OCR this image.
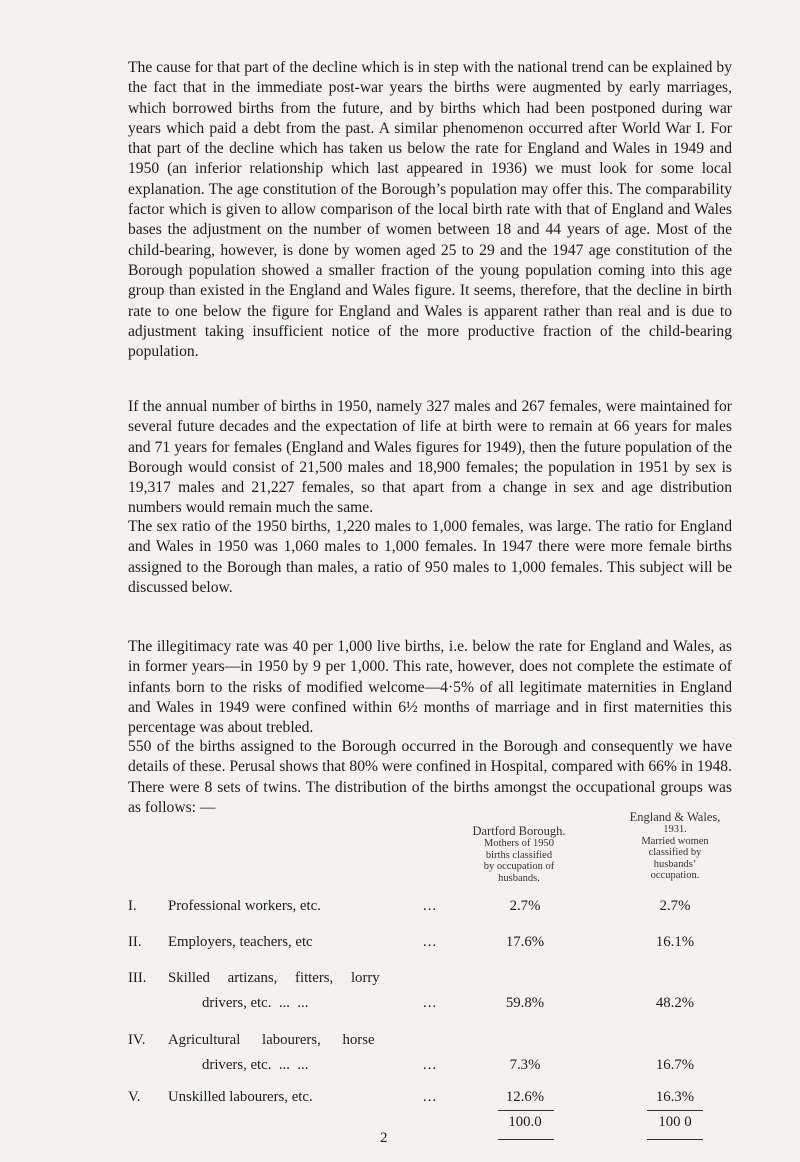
The cause for that part of the decline which is in step with the national trend can be explained by the fact that in the immediate post-war years the births were augmented by early marriages, which borrowed births from the future, and by births which had been postponed during war years which paid a debt from the past. A similar phenomenon occurred after World War I. For that part of the decline which has taken us below the rate for England and Wales in 1949 and 1950 (an inferior relationship which last appeared in 1936) we must look for some local explanation. The age constitution of the Borough’s population may offer this. The comparability factor which is given to allow comparison of the local birth rate with that of England and Wales bases the adjustment on the number of women between 18 and 44 years of age. Most of the child-bearing, however, is done by women aged 25 to 29 and the 1947 age constitution of the Borough population showed a smaller fraction of the young population coming into this age group than existed in the England and Wales figure. It seems, therefore, that the decline in birth rate to one below the figure for England and Wales is apparent rather than real and is due to adjustment taking insufficient notice of the more productive fraction of the child-bearing population.

If the annual number of births in 1950, namely 327 males and 267 females, were maintained for several future decades and the expectation of life at birth were to remain at 66 years for males and 71 years for females (England and Wales figures for 1949), then the future population of the Borough would consist of 21,500 males and 18,900 females; the population in 1951 by sex is 19,317 males and 21,227 females, so that apart from a change in sex and age distribution numbers would remain much the same.

The sex ratio of the 1950 births, 1,220 males to 1,000 females, was large. The ratio for England and Wales in 1950 was 1,060 males to 1,000 females. In 1947 there were more female births assigned to the Borough than males, a ratio of 950 males to 1,000 females. This subject will be discussed below.

The illegitimacy rate was 40 per 1,000 live births, i.e. below the rate for England and Wales, as in former years—in 1950 by 9 per 1,000. This rate, however, does not complete the estimate of infants born to the risks of modified welcome—4·5% of all legitimate maternities in England and Wales in 1949 were confined within 6½ months of marriage and in first maternities this percentage was about trebled.

550 of the births assigned to the Borough occurred in the Borough and consequently we have details of these. Perusal shows that 80% were confined in Hospital, compared with 66% in 1948. There were 8 sets of twins. The distribution of the births amongst the occupational groups was as follows: —

Dartford Borough.
Mothers of 1950
births classified
by occupation of
husbands.
England & Wales,
1931.
Married women
classified by
husbands’
occupation.
I.	Professional workers, etc.	...	2.7%	2.7%
II.	Employers, teachers, etc	...	17.6%	16.1%
III.	Skilled artizans, fitters, lorry
drivers, etc.  ...  ...	...	59.8%	48.2%
IV.	Agricultural labourers, horse
drivers, etc.  ...  ...	...	7.3%	16.7%
V.	Unskilled labourers, etc.	...	12.6%	16.3%
100.0	100 0
2
